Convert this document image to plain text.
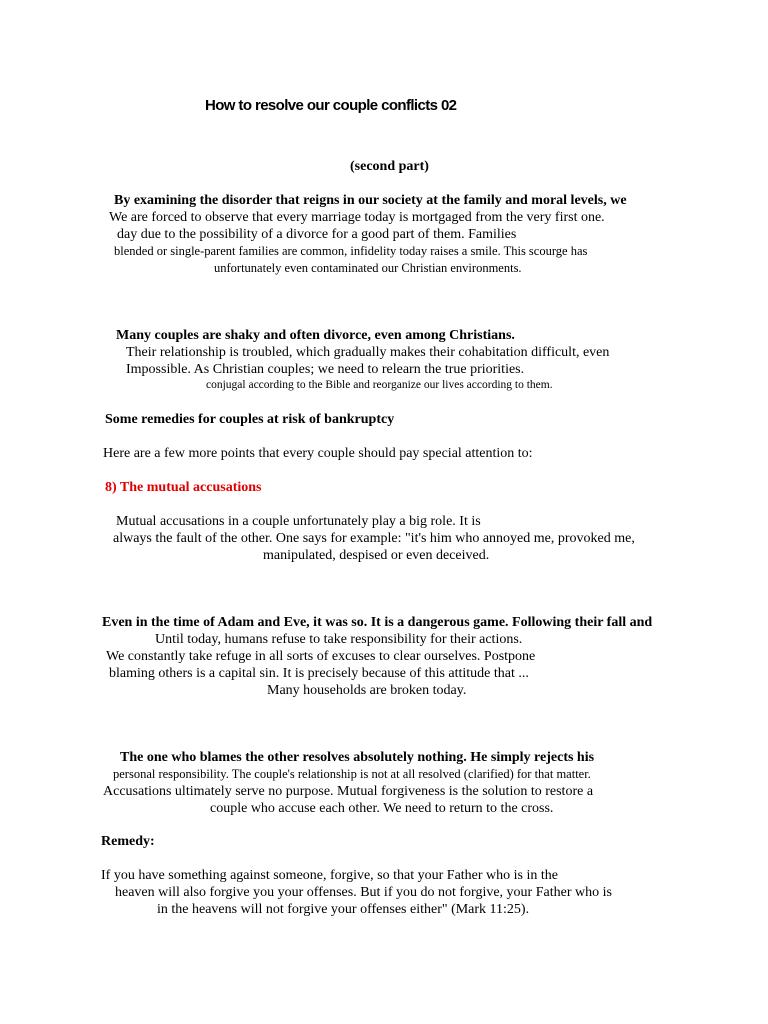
How to resolve our couple conflicts 02
(second part)
By examining the disorder that reigns in our society at the family and moral levels, we
We are forced to observe that every marriage today is mortgaged from the very first one.
day due to the possibility of a divorce for a good part of them. Families
blended or single-parent families are common, infidelity today raises a smile. This scourge has
unfortunately even contaminated our Christian environments.
Many couples are shaky and often divorce, even among Christians.
Their relationship is troubled, which gradually makes their cohabitation difficult, even
Impossible. As Christian couples; we need to relearn the true priorities.
conjugal according to the Bible and reorganize our lives according to them.
Some remedies for couples at risk of bankruptcy
Here are a few more points that every couple should pay special attention to:
8) The mutual accusations
Mutual accusations in a couple unfortunately play a big role. It is
always the fault of the other. One says for example: "it's him who annoyed me, provoked me,
manipulated, despised or even deceived.
Even in the time of Adam and Eve, it was so. It is a dangerous game. Following their fall and
Until today, humans refuse to take responsibility for their actions.
We constantly take refuge in all sorts of excuses to clear ourselves. Postpone
blaming others is a capital sin. It is precisely because of this attitude that ...
Many households are broken today.
The one who blames the other resolves absolutely nothing. He simply rejects his
personal responsibility. The couple's relationship is not at all resolved (clarified) for that matter.
Accusations ultimately serve no purpose. Mutual forgiveness is the solution to restore a
couple who accuse each other. We need to return to the cross.
Remedy:
If you have something against someone, forgive, so that your Father who is in the
heaven will also forgive you your offenses. But if you do not forgive, your Father who is
in the heavens will not forgive your offenses either" (Mark 11:25).
